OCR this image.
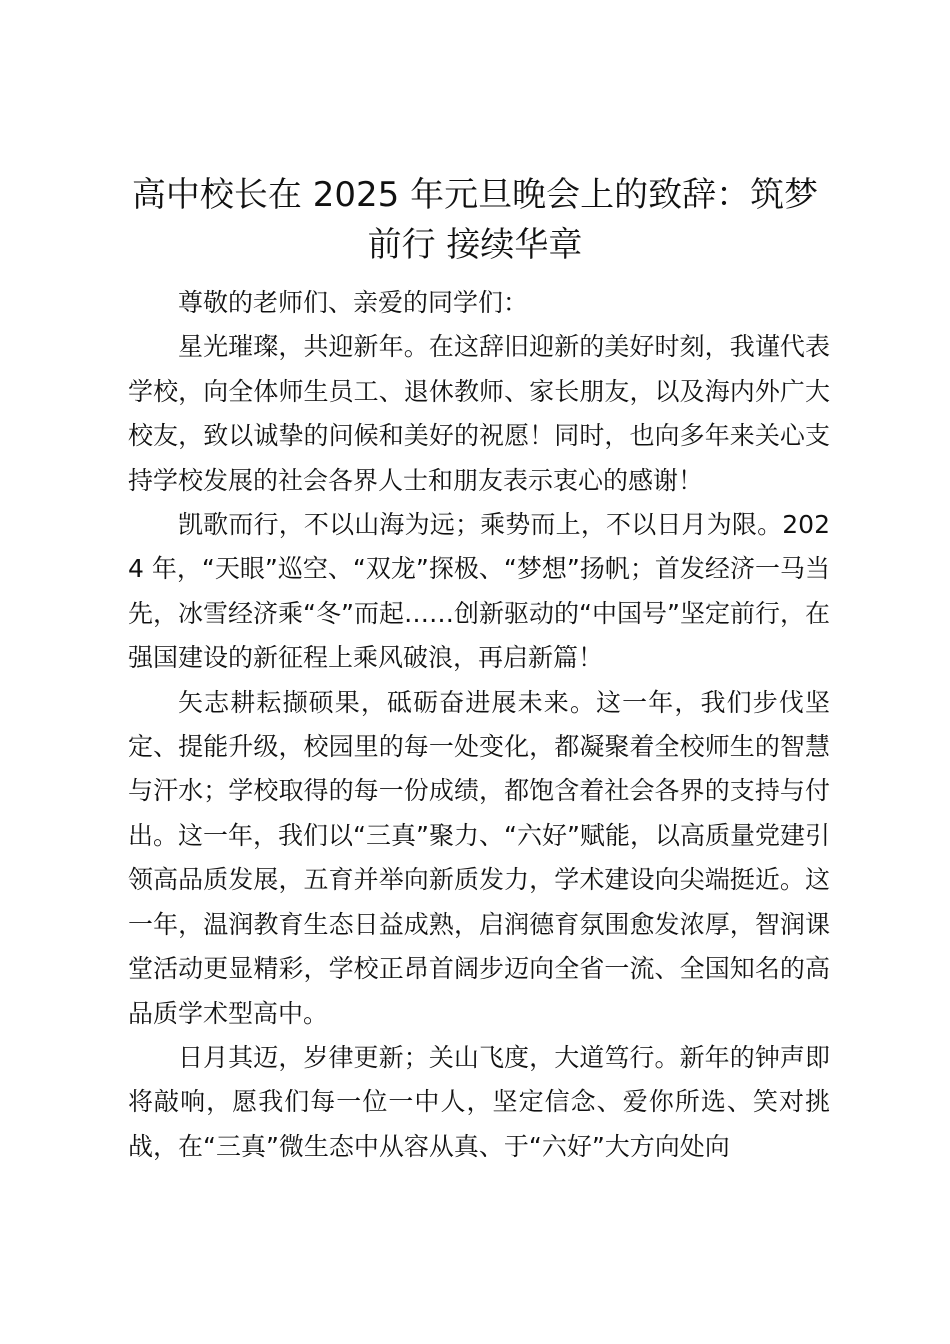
高中校长在 2025 年元旦晚会上的致辞：筑梦
前行 接续华章

尊敬的老师们、亲爱的同学们：

星光璀璨，共迎新年。在这辞旧迎新的美好时刻，我谨代表学校，向全体师生员工、退休教师、家长朋友，以及海内外广大校友，致以诚挚的问候和美好的祝愿！同时，也向多年来关心支持学校发展的社会各界人士和朋友表示衷心的感谢！

凯歌而行，不以山海为远；乘势而上，不以日月为限。2024 年，“天眼”巡空、“双龙”探极、“梦想”扬帆；首发经济一马当先，冰雪经济乘“冬”而起……创新驱动的“中国号”坚定前行，在强国建设的新征程上乘风破浪，再启新篇！

矢志耕耘撷硕果，砥砺奋进展未来。这一年，我们步伐坚定、提能升级，校园里的每一处变化，都凝聚着全校师生的智慧与汗水；学校取得的每一份成绩，都饱含着社会各界的支持与付出。这一年，我们以“三真”聚力、“六好”赋能，以高质量党建引领高品质发展，五育并举向新质发力，学术建设向尖端挺近。这一年，温润教育生态日益成熟，启润德育氛围愈发浓厚，智润课堂活动更显精彩，学校正昂首阔步迈向全省一流、全国知名的高品质学术型高中。

日月其迈，岁律更新；关山飞度，大道笃行。新年的钟声即将敲响，愿我们每一位一中人，坚定信念、爱你所选、笑对挑战，在“三真”微生态中从容从真、于“六好”大方向处向
